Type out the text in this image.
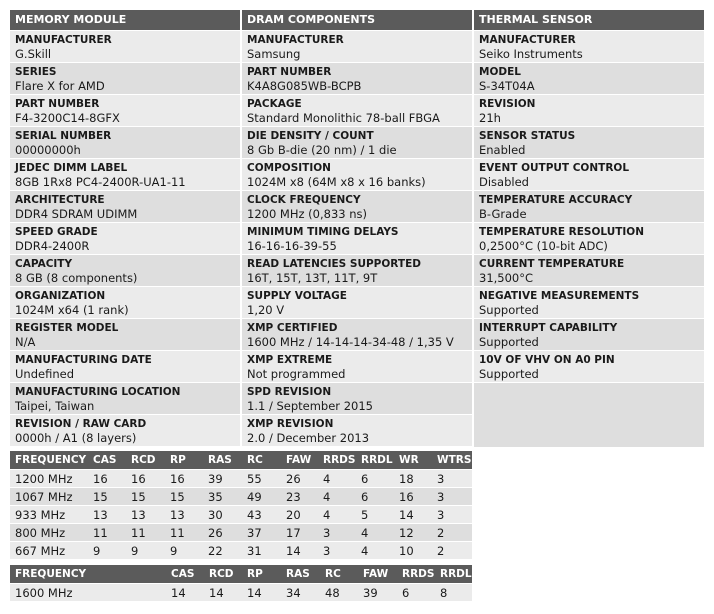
MEMORY MODULE
MANUFACTURER
G.Skill
SERIES
Flare X for AMD
PART NUMBER
F4-3200C14-8GFX
SERIAL NUMBER
00000000h
JEDEC DIMM LABEL
8GB 1Rx8 PC4-2400R-UA1-11
ARCHITECTURE
DDR4 SDRAM UDIMM
SPEED GRADE
DDR4-2400R
CAPACITY
8 GB (8 components)
ORGANIZATION
1024M x64 (1 rank)
REGISTER MODEL
N/A
MANUFACTURING DATE
Undefined
MANUFACTURING LOCATION
Taipei, Taiwan
REVISION / RAW CARD
0000h / A1 (8 layers)
DRAM COMPONENTS
MANUFACTURER
Samsung
PART NUMBER
K4A8G085WB-BCPB
PACKAGE
Standard Monolithic 78-ball FBGA
DIE DENSITY / COUNT
8 Gb B-die (20 nm) / 1 die
COMPOSITION
1024M x8 (64M x8 x 16 banks)
CLOCK FREQUENCY
1200 MHz (0,833 ns)
MINIMUM TIMING DELAYS
16-16-16-39-55
READ LATENCIES SUPPORTED
16T, 15T, 13T, 11T, 9T
SUPPLY VOLTAGE
1,20 V
XMP CERTIFIED
1600 MHz / 14-14-14-34-48 / 1,35 V
XMP EXTREME
Not programmed
SPD REVISION
1.1 / September 2015
XMP REVISION
2.0 / December 2013
THERMAL SENSOR
MANUFACTURER
Seiko Instruments
MODEL
S-34T04A
REVISION
21h
SENSOR STATUS
Enabled
EVENT OUTPUT CONTROL
Disabled
TEMPERATURE ACCURACY
B-Grade
TEMPERATURE RESOLUTION
0,2500°C (10-bit ADC)
CURRENT TEMPERATURE
31,500°C
NEGATIVE MEASUREMENTS
Supported
INTERRUPT CAPABILITY
Supported
10V OF VHV ON A0 PIN
Supported
FREQUENCY	CAS	RCD	RP	RAS	RC	FAW	RRDS	RRDL	WR	WTRS
1200 MHz	16	16	16	39	55	26	4	6	18	3
1067 MHz	15	15	15	35	49	23	4	6	16	3
933 MHz	13	13	13	30	43	20	4	5	14	3
800 MHz	11	11	11	26	37	17	3	4	12	2
667 MHz	9	9	9	22	31	14	3	4	10	2
FREQUENCY	CAS	RCD	RP	RAS	RC	FAW	RRDS	RRDL
1600 MHz	14	14	14	34	48	39	6	8
